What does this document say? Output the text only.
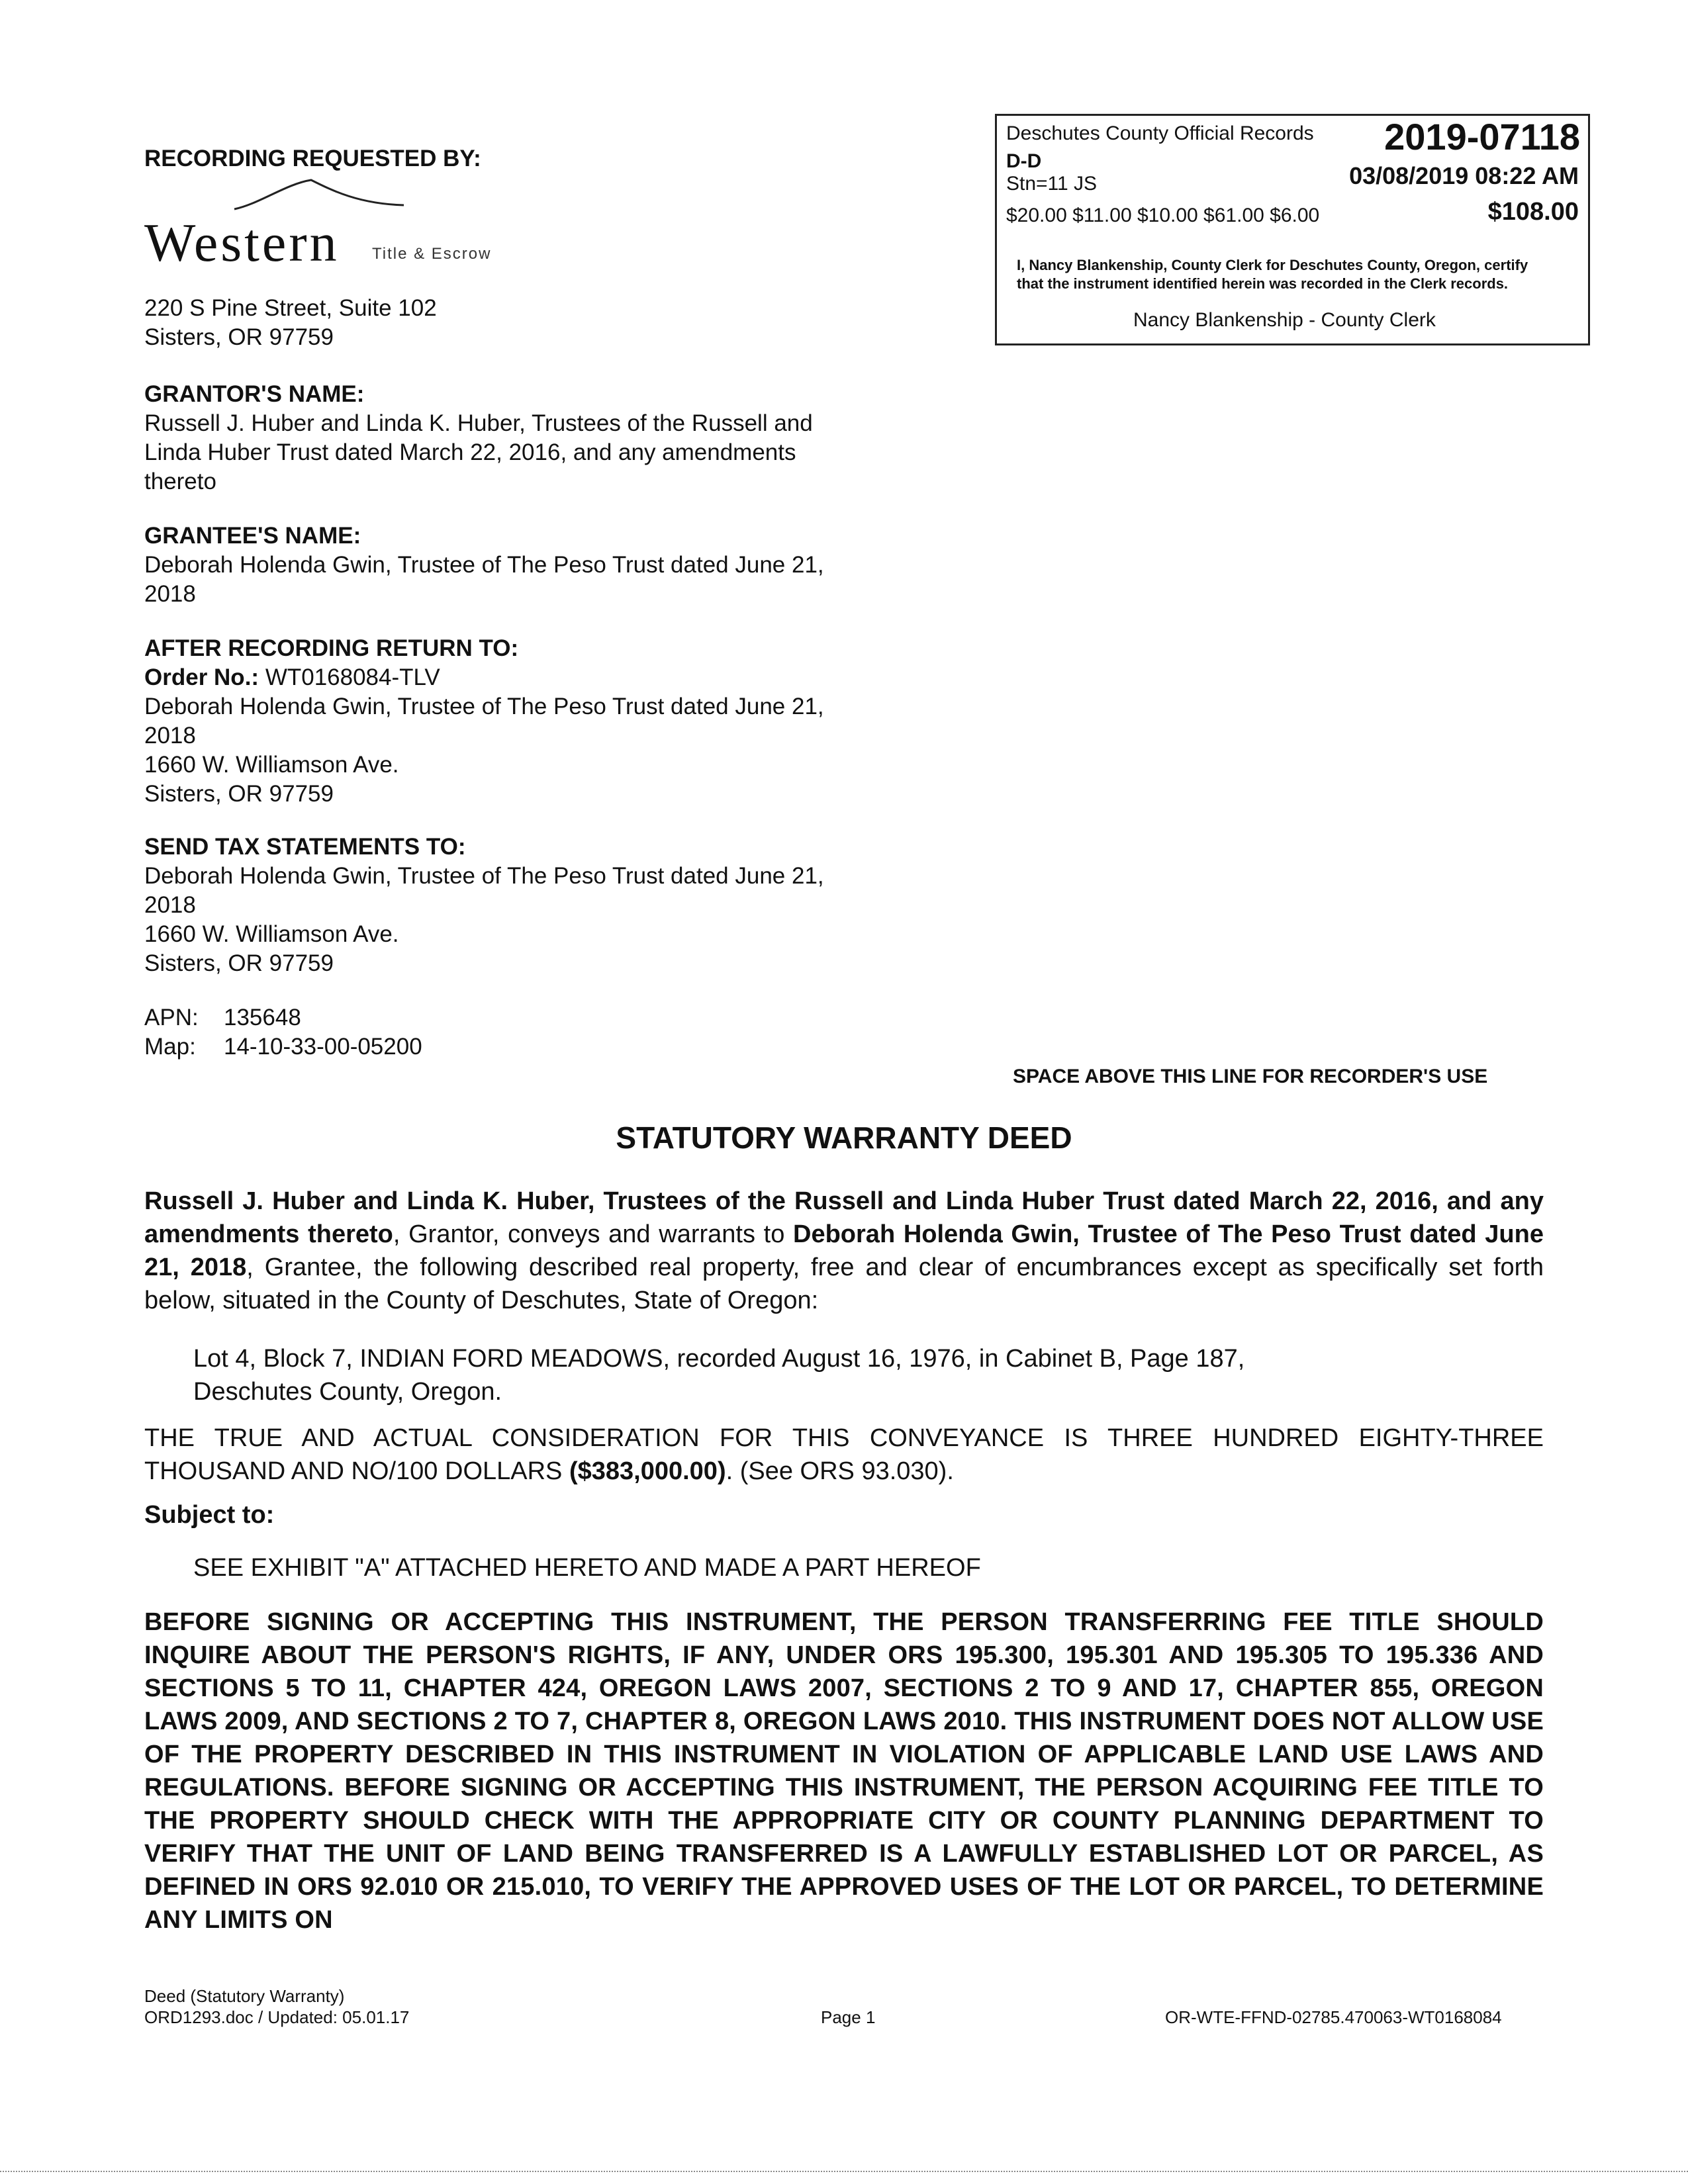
RECORDING REQUESTED BY:
Western Title & Escrow
220 S Pine Street, Suite 102
Sisters, OR 97759
Deschutes County Official Records 2019-07118
D-D
Stn=11 JS	03/08/2019 08:22 AM
$20.00 $11.00 $10.00 $61.00 $6.00	$108.00
I, Nancy Blankenship, County Clerk for Deschutes County, Oregon, certify that the instrument identified herein was recorded in the Clerk records.
Nancy Blankenship - County Clerk
GRANTOR'S NAME:
Russell J. Huber and Linda K. Huber, Trustees of the Russell and
Linda Huber Trust dated March 22, 2016, and any amendments
thereto
GRANTEE'S NAME:
Deborah Holenda Gwin, Trustee of The Peso Trust dated June 21,
2018
AFTER RECORDING RETURN TO:
Order No.: WT0168084-TLV
Deborah Holenda Gwin, Trustee of The Peso Trust dated June 21,
2018
1660 W. Williamson Ave.
Sisters, OR 97759
SEND TAX STATEMENTS TO:
Deborah Holenda Gwin, Trustee of The Peso Trust dated June 21,
2018
1660 W. Williamson Ave.
Sisters, OR 97759
APN: 135648
Map: 14-10-33-00-05200
SPACE ABOVE THIS LINE FOR RECORDER'S USE
STATUTORY WARRANTY DEED
Russell J. Huber and Linda K. Huber, Trustees of the Russell and Linda Huber Trust dated March 22, 2016, and any amendments thereto, Grantor, conveys and warrants to Deborah Holenda Gwin, Trustee of The Peso Trust dated June 21, 2018, Grantee, the following described real property, free and clear of encumbrances except as specifically set forth below, situated in the County of Deschutes, State of Oregon:
Lot 4, Block 7, INDIAN FORD MEADOWS, recorded August 16, 1976, in Cabinet B, Page 187,
Deschutes County, Oregon.
THE TRUE AND ACTUAL CONSIDERATION FOR THIS CONVEYANCE IS THREE HUNDRED EIGHTY-THREE THOUSAND AND NO/100 DOLLARS ($383,000.00). (See ORS 93.030).
Subject to:
SEE EXHIBIT "A" ATTACHED HERETO AND MADE A PART HEREOF
BEFORE SIGNING OR ACCEPTING THIS INSTRUMENT, THE PERSON TRANSFERRING FEE TITLE SHOULD INQUIRE ABOUT THE PERSON'S RIGHTS, IF ANY, UNDER ORS 195.300, 195.301 AND 195.305 TO 195.336 AND SECTIONS 5 TO 11, CHAPTER 424, OREGON LAWS 2007, SECTIONS 2 TO 9 AND 17, CHAPTER 855, OREGON LAWS 2009, AND SECTIONS 2 TO 7, CHAPTER 8, OREGON LAWS 2010. THIS INSTRUMENT DOES NOT ALLOW USE OF THE PROPERTY DESCRIBED IN THIS INSTRUMENT IN VIOLATION OF APPLICABLE LAND USE LAWS AND REGULATIONS. BEFORE SIGNING OR ACCEPTING THIS INSTRUMENT, THE PERSON ACQUIRING FEE TITLE TO THE PROPERTY SHOULD CHECK WITH THE APPROPRIATE CITY OR COUNTY PLANNING DEPARTMENT TO VERIFY THAT THE UNIT OF LAND BEING TRANSFERRED IS A LAWFULLY ESTABLISHED LOT OR PARCEL, AS DEFINED IN ORS 92.010 OR 215.010, TO VERIFY THE APPROVED USES OF THE LOT OR PARCEL, TO DETERMINE ANY LIMITS ON
Deed (Statutory Warranty)
ORD1293.doc / Updated: 05.01.17	Page 1	OR-WTE-FFND-02785.470063-WT0168084
